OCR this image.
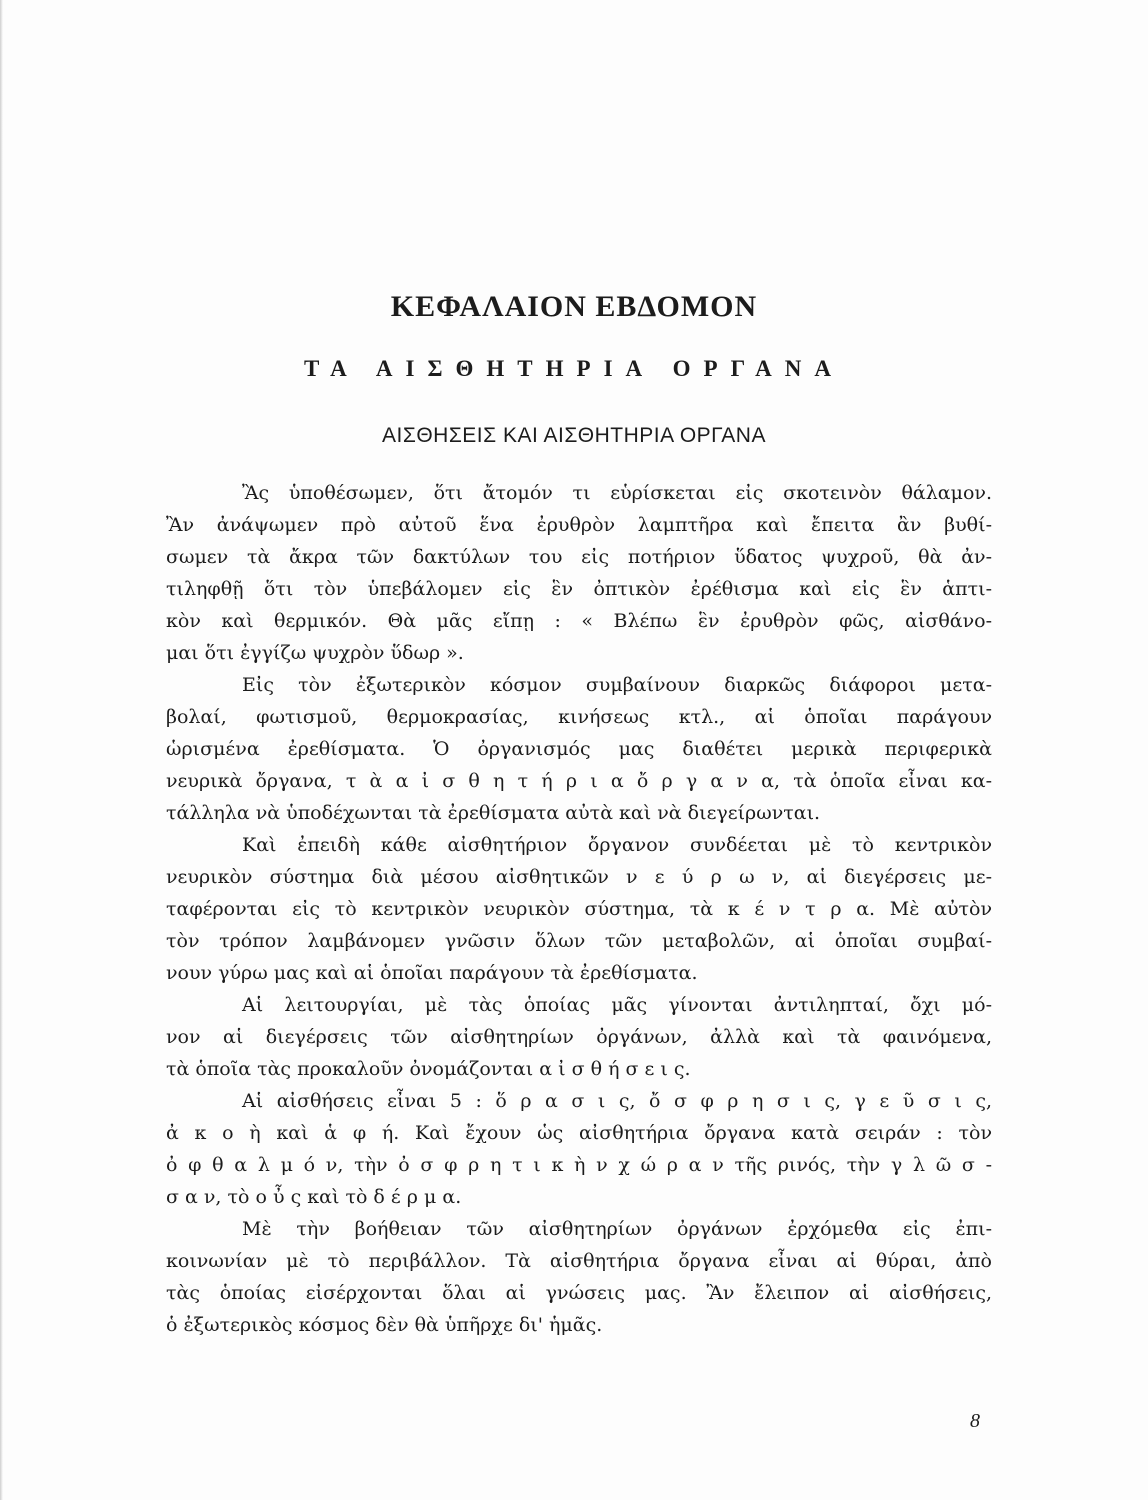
ΚΕΦΑΛΑΙΟΝ ΕΒΔΟΜΟΝ
ΤΑ ΑΙΣΘΗΤΗΡΙΑ ΟΡΓΑΝΑ
ΑΙΣΘΗΣΕΙΣ ΚΑΙ ΑΙΣΘΗΤΗΡΙΑ ΟΡΓΑΝΑ
Ἂς ὑποθέσωμεν, ὅτι ἄτομόν τι εὑρίσκεται εἰς σκοτεινὸν θάλαμον.
Ἂν ἀνάψωμεν πρὸ αὐτοῦ ἕνα ἐρυθρὸν λαμπτῆρα καὶ ἔπειτα ἂν βυθί-
σωμεν τὰ ἄκρα τῶν δακτύλων του εἰς ποτήριον ὕδατος ψυχροῦ, θὰ ἀν-
τιληφθῇ ὅτι τὸν ὑπεβάλομεν εἰς ἓν ὀπτικὸν ἐρέθισμα καὶ εἰς ἓν ἁπτι-
κὸν καὶ θερμικόν. Θὰ μᾶς εἴπῃ : « Βλέπω ἓν ἐρυθρὸν φῶς, αἰσθάνο-
μαι ὅτι ἐγγίζω ψυχρὸν ὕδωρ ».
Εἰς τὸν ἐξωτερικὸν κόσμον συμβαίνουν διαρκῶς διάφοροι μετα-
βολαί, φωτισμοῦ, θερμοκρασίας, κινήσεως κτλ., αἱ ὁποῖαι παράγουν
ὡρισμένα ἐρεθίσματα. Ὁ ὀργανισμός μας διαθέτει μερικὰ περιφερικὰ
νευρικὰ ὄργανα, τ ὰ α ἰ σ θ η τ ή ρ ι α ὄ ρ γ α ν α, τὰ ὁποῖα εἶναι κα-
τάλληλα νὰ ὑποδέχωνται τὰ ἐρεθίσματα αὐτὰ καὶ νὰ διεγείρωνται.
Καὶ ἐπειδὴ κάθε αἰσθητήριον ὄργανον συνδέεται μὲ τὸ κεντρικὸν
νευρικὸν σύστημα διὰ μέσου αἰσθητικῶν ν ε ύ ρ ω ν, αἱ διεγέρσεις με-
ταφέρονται εἰς τὸ κεντρικὸν νευρικὸν σύστημα, τὰ κ έ ν τ ρ α. Μὲ αὐτὸν
τὸν τρόπον λαμβάνομεν γνῶσιν ὅλων τῶν μεταβολῶν, αἱ ὁποῖαι συμβαί-
νουν γύρω μας καὶ αἱ ὁποῖαι παράγουν τὰ ἐρεθίσματα.
Αἱ λειτουργίαι, μὲ τὰς ὁποίας μᾶς γίνονται ἀντιληπταί, ὄχι μό-
νον αἱ διεγέρσεις τῶν αἰσθητηρίων ὀργάνων, ἀλλὰ καὶ τὰ φαινόμενα,
τὰ ὁποῖα τὰς προκαλοῦν ὀνομάζονται α ἰ σ θ ή σ ε ι ς.
Αἱ αἰσθήσεις εἶναι 5 : ὅ ρ α σ ι ς, ὄ σ φ ρ η σ ι ς, γ ε ῦ σ ι ς,
ἀ κ ο ὴ καὶ ἁ φ ή. Καὶ ἔχουν ὡς αἰσθητήρια ὄργανα κατὰ σειράν : τὸν
ὀ φ θ α λ μ ό ν, τὴν ὀ σ φ ρ η τ ι κ ὴ ν χ ώ ρ α ν τῆς ρινός, τὴν γ λ ῶ σ -
σ α ν, τὸ ο ὖ ς καὶ τὸ δ έ ρ μ α.
Μὲ τὴν βοήθειαν τῶν αἰσθητηρίων ὀργάνων ἐρχόμεθα εἰς ἐπι-
κοινωνίαν μὲ τὸ περιβάλλον. Τὰ αἰσθητήρια ὄργανα εἶναι αἱ θύραι, ἀπὸ
τὰς ὁποίας εἰσέρχονται ὅλαι αἱ γνώσεις μας. Ἂν ἔλειπον αἱ αἰσθήσεις,
ὁ ἐξωτερικὸς κόσμος δὲν θὰ ὑπῆρχε δι' ἡμᾶς.
8
